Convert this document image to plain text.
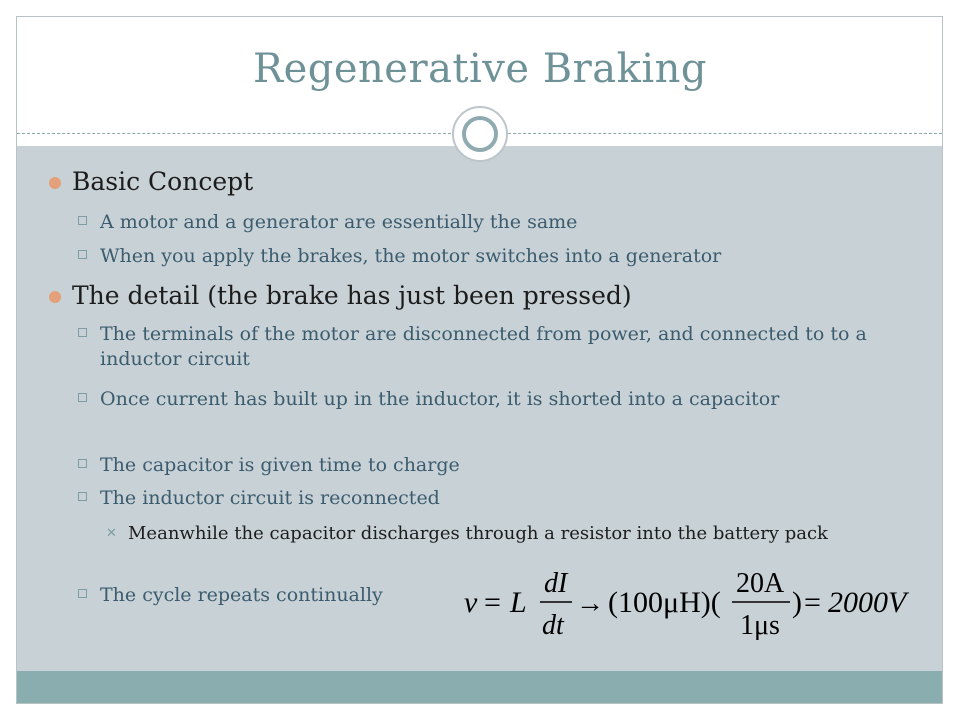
Regenerative Braking
Basic Concept
A motor and a generator are essentially the same
When you apply the brakes, the motor switches into a generator
The detail (the brake has just been pressed)
The terminals of the motor are disconnected from power, and connected to to a inductor circuit
Once current has built up in the inductor, it is shorted into a capacitor
The capacitor is given time to charge
The inductor circuit is reconnected
✕ Meanwhile the capacitor discharges through a resistor into the battery pack
The cycle repeats continually	v = L
dI
dt
→ (100μH)(
20A
1μs
) = 2000V
